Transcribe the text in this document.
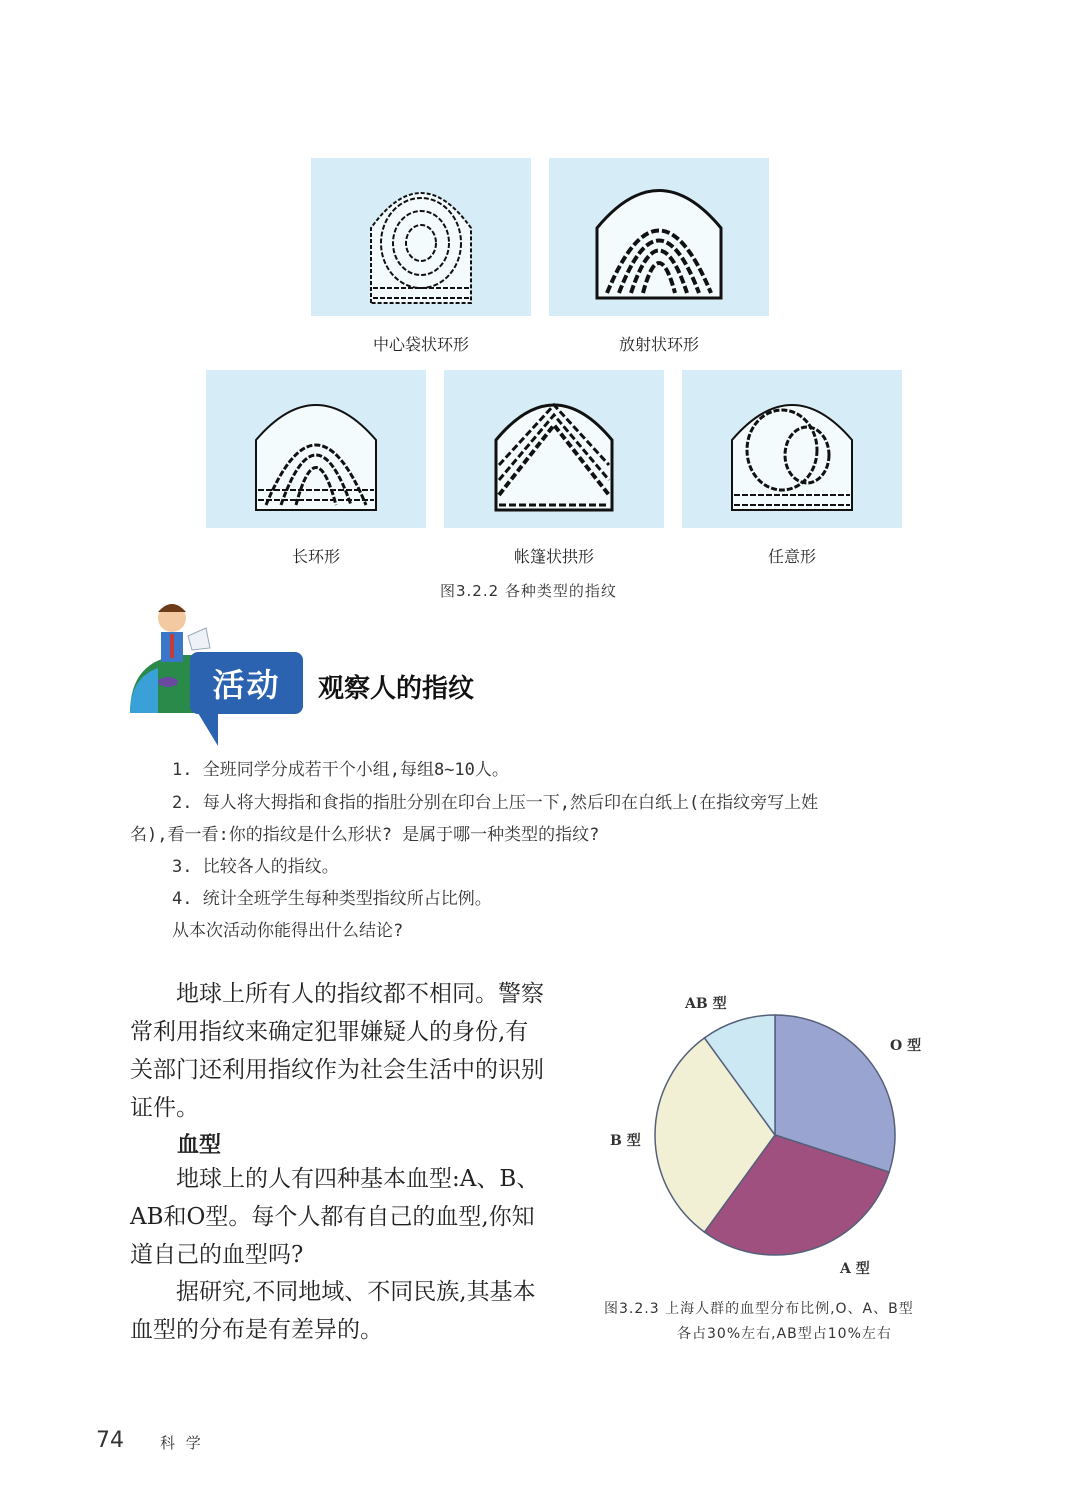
中心袋状环形	放射状环形
长环形	帐篷状拱形	任意形
图3.2.2 各种类型的指纹
活动	观察人的指纹
1. 全班同学分成若干个小组,每组8~10人。
2. 每人将大拇指和食指的指肚分别在印台上压一下,然后印在白纸上(在指纹旁写上姓
名),看一看:你的指纹是什么形状? 是属于哪一种类型的指纹?
3. 比较各人的指纹。
4. 统计全班学生每种类型指纹所占比例。
从本次活动你能得出什么结论?
地球上所有人的指纹都不相同。警察
常利用指纹来确定犯罪嫌疑人的身份,有
关部门还利用指纹作为社会生活中的识别
证件。
血型
地球上的人有四种基本血型:A、B、
AB和O型。每个人都有自己的血型,你知
道自己的血型吗?
据研究,不同地域、不同民族,其基本
血型的分布是有差异的。
AB 型
O 型
B 型
A 型
图3.2.3 上海人群的血型分布比例,O、A、B型
各占30%左右,AB型占10%左右
74 科 学
